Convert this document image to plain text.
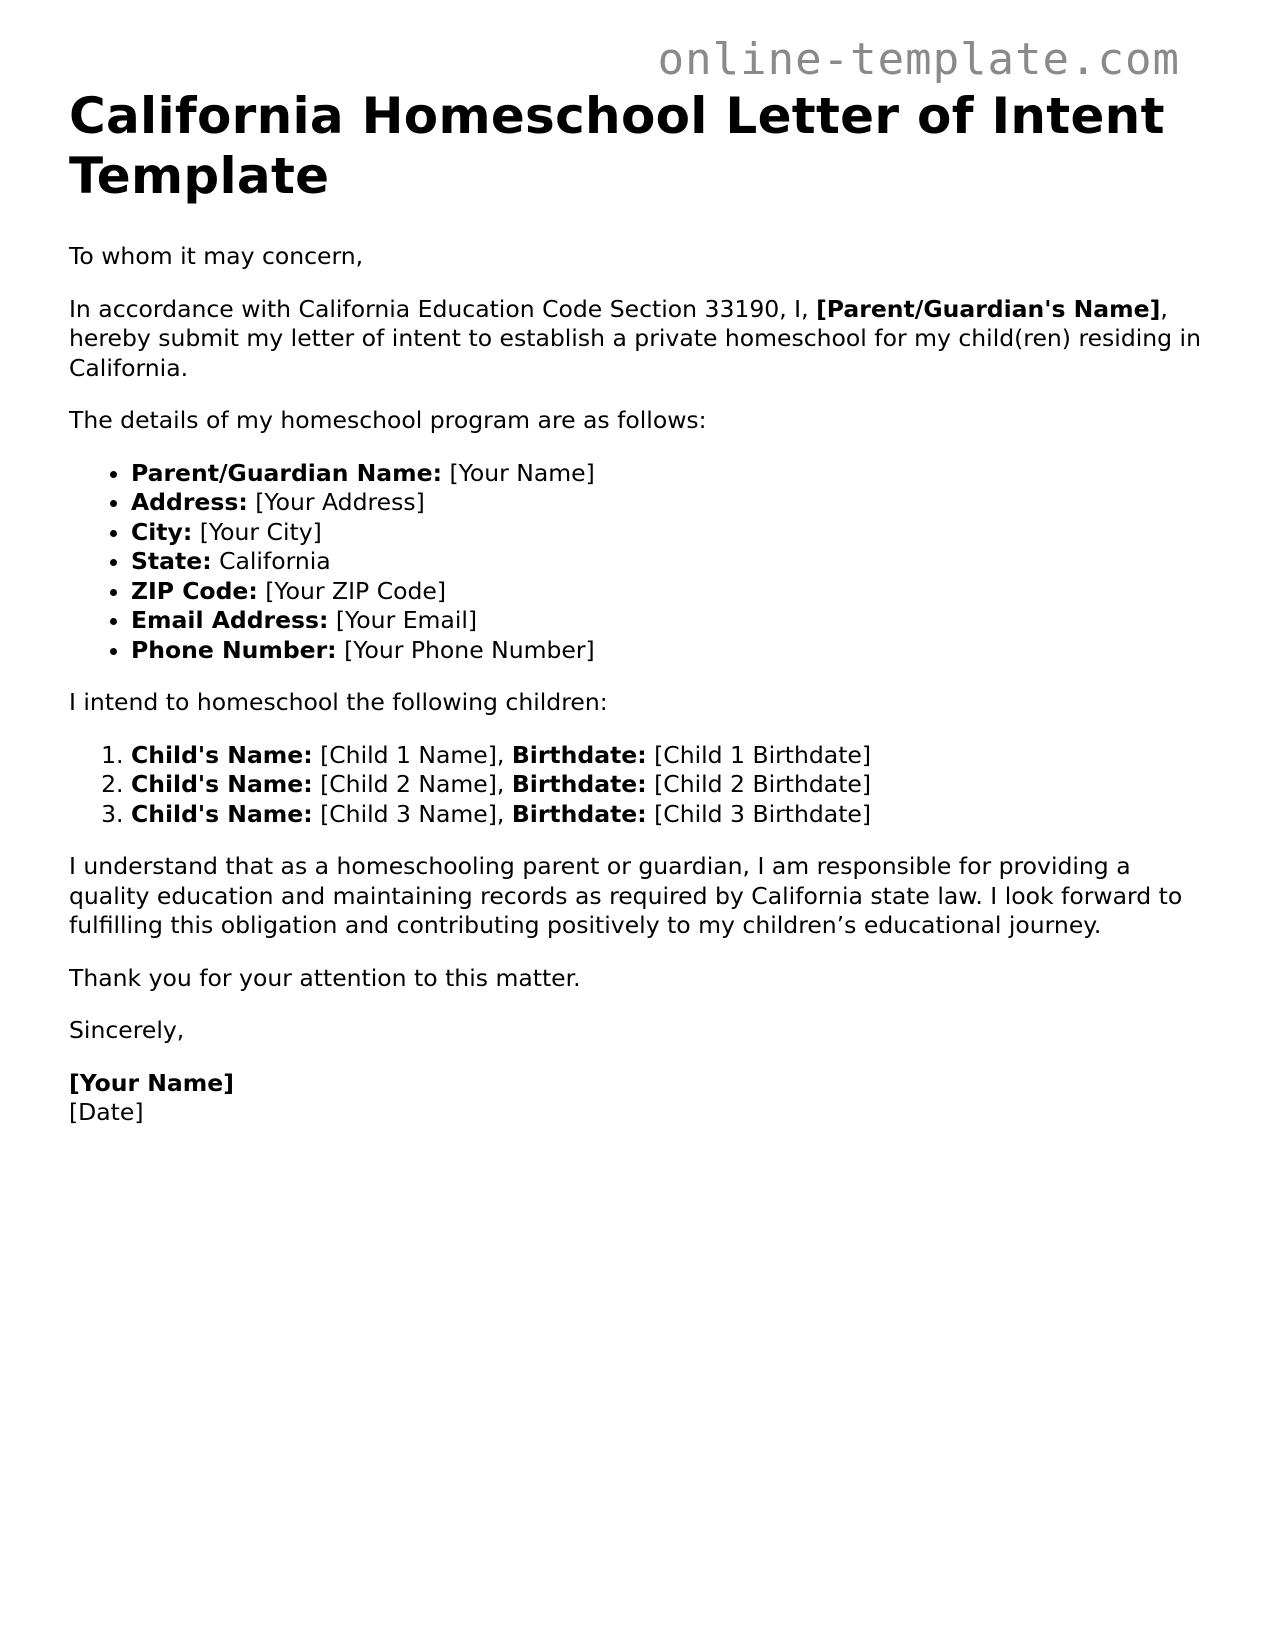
online-template.com
California Homeschool Letter of Intent Template

To whom it may concern,

In accordance with California Education Code Section 33190, I, [Parent/Guardian's Name], hereby submit my letter of intent to establish a private homeschool for my child(ren) residing in California.

The details of my homeschool program are as follows:

• Parent/Guardian Name: [Your Name]
• Address: [Your Address]
• City: [Your City]
• State: California
• ZIP Code: [Your ZIP Code]
• Email Address: [Your Email]
• Phone Number: [Your Phone Number]

I intend to homeschool the following children:

1. Child's Name: [Child 1 Name], Birthdate: [Child 1 Birthdate]
2. Child's Name: [Child 2 Name], Birthdate: [Child 2 Birthdate]
3. Child's Name: [Child 3 Name], Birthdate: [Child 3 Birthdate]

I understand that as a homeschooling parent or guardian, I am responsible for providing a quality education and maintaining records as required by California state law. I look forward to fulfilling this obligation and contributing positively to my children’s educational journey.

Thank you for your attention to this matter.

Sincerely,

[Your Name]
[Date]
